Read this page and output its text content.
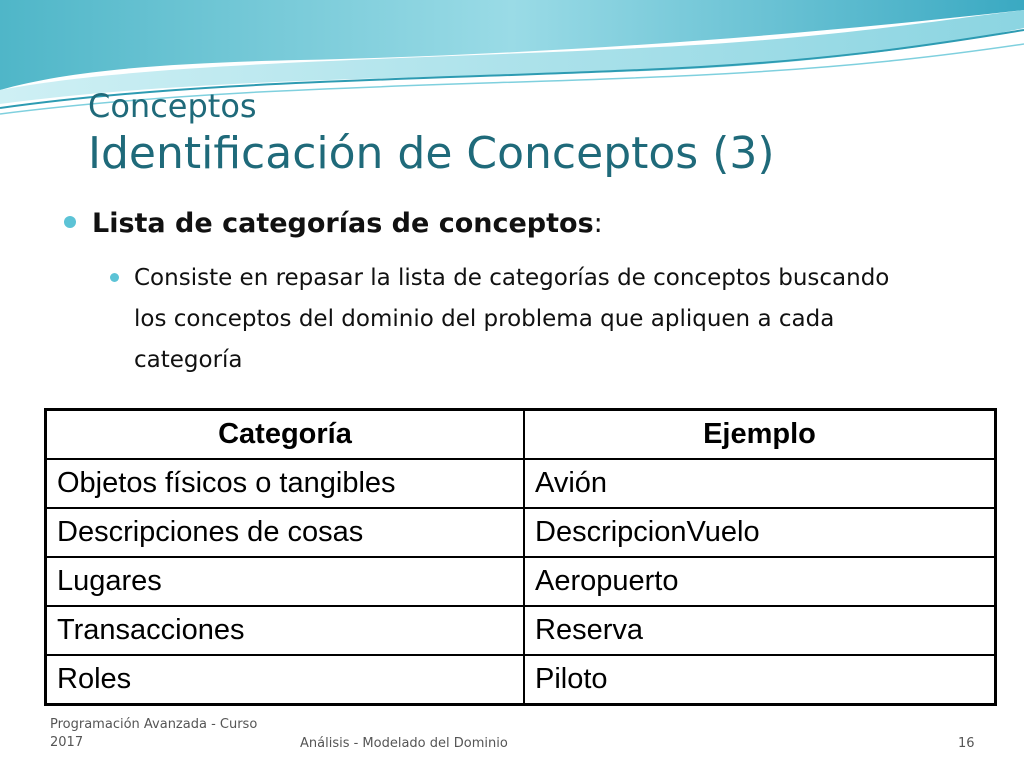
Conceptos
Identificación de Conceptos (3)
Lista de categorías de conceptos:
Consiste en repasar la lista de categorías de conceptos buscando los conceptos del dominio del problema que apliquen a cada categoría
Categoría	Ejemplo
Objetos físicos o tangibles	Avión
Descripciones de cosas	DescripcionVuelo
Lugares	Aeropuerto
Transacciones	Reserva
Roles	Piloto
Programación Avanzada - Curso 2017	Análisis - Modelado del Dominio	16
